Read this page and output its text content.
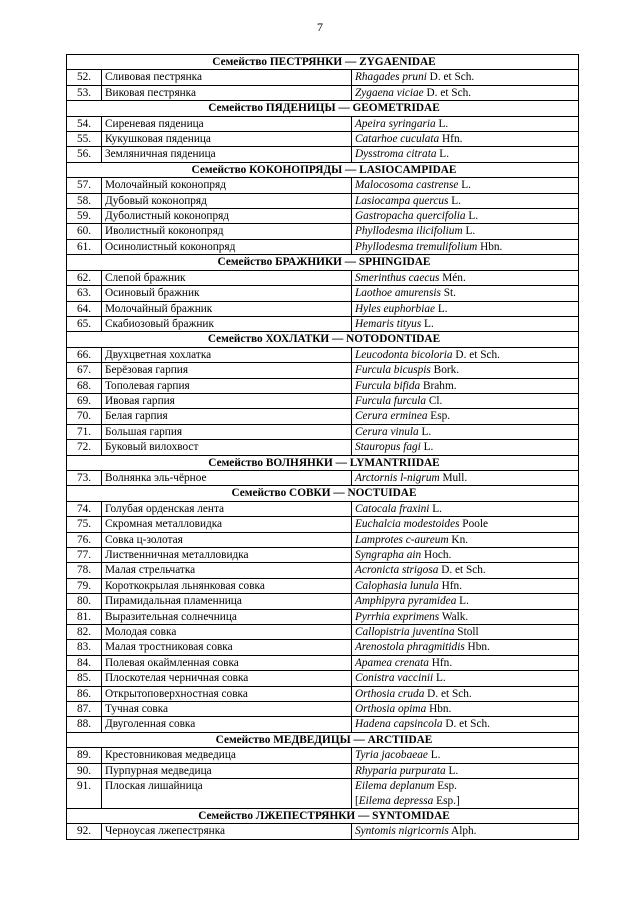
7
Семейство ПЕСТРЯНКИ — ZYGAENIDAE		
52.	Сливовая пестрянка	Rhagades pruni D. et Sch.
53.	Виковая пестрянка	Zygaena viciae D. et Sch.
Семейство ПЯДЕНИЦЫ — GEOMETRIDAE		
54.	Сиреневая пяденица	Apeira syringaria L.
55.	Кукушковая пяденица	Catarhoe cuculata Hfn.
56.	Земляничная пяденица	Dysstroma citrata L.
Семейство КОКОНОПРЯДЫ — LASIOCAMPIDAE		
57.	Молочайный коконопряд	Malocosoma castrense L.
58.	Дубовый коконопряд	Lasiocampa quercus L.
59.	Дуболистный коконопряд	Gastropacha quercifolia L.
60.	Иволистный коконопряд	Phyllodesma ilicifolium L.
61.	Осинолистный коконопряд	Phyllodesma tremulifolium Hbn.
Семейство БРАЖНИКИ — SPHINGIDAE		
62.	Слепой бражник	Smerinthus caecus Mén.
63.	Осиновый бражник	Laothoe amurensis St.
64.	Молочайный бражник	Hyles euphorbiae L.
65.	Скабиозовый бражник	Hemaris tityus L.
Семейство ХОХЛАТКИ — NOTODONTIDAE		
66.	Двухцветная хохлатка	Leucodonta bicoloria D. et Sch.
67.	Берёзовая гарпия	Furcula bicuspis Bork.
68.	Тополевая гарпия	Furcula bifida Brahm.
69.	Ивовая гарпия	Furcula furcula Cl.
70.	Белая гарпия	Cerura erminea Esp.
71.	Большая гарпия	Cerura vinula L.
72.	Буковый вилохвост	Stauropus fagi L.
Семейство ВОЛНЯНКИ — LYMANTRIIDAE		
73.	Волнянка эль-чёрное	Arctornis l-nigrum Mull.
Семейство СОВКИ — NOCTUIDAE		
74.	Голубая орденская лента	Catocala fraxini L.
75.	Скромная металловидка	Euchalcia modestoides Poole
76.	Совка ц-золотая	Lamprotes c-aureum Kn.
77.	Лиственничная металловидка	Syngrapha ain Hoch.
78.	Малая стрельчатка	Acronicta strigosa D. et Sch.
79.	Короткокрылая льнянковая совка	Calophasia lunula Hfn.
80.	Пирамидальная пламенница	Amphipyra pyramidea L.
81.	Выразительная солнечница	Pyrrhia exprimens Walk.
82.	Молодая совка	Callopistria juventina Stoll
83.	Малая тростниковая совка	Arenostola phragmitidis Hbn.
84.	Полевая окаймленная совка	Apamea crenata Hfn.
85.	Плоскотелая черничная совка	Conistra vaccinii L.
86.	Открытоповерхностная совка	Orthosia cruda D. et Sch.
87.	Тучная совка	Orthosia opima Hbn.
88.	Двуголенная совка	Hadena capsincola D. et Sch.
Семейство МЕДВЕДИЦЫ — ARCTIIDAE		
89.	Крестовниковая медведица	Tyria jacobaeae L.
90.	Пурпурная медведица	Rhyparia purpurata L.
91.	Плоская лишайница	Eilema deplanum Esp.
[Eilema depressa Esp.]
Семейство ЛЖЕПЕСТРЯНКИ — SYNTOMIDAE		
92.	Черноусая лжепестрянка	Syntomis nigricornis Alph.
